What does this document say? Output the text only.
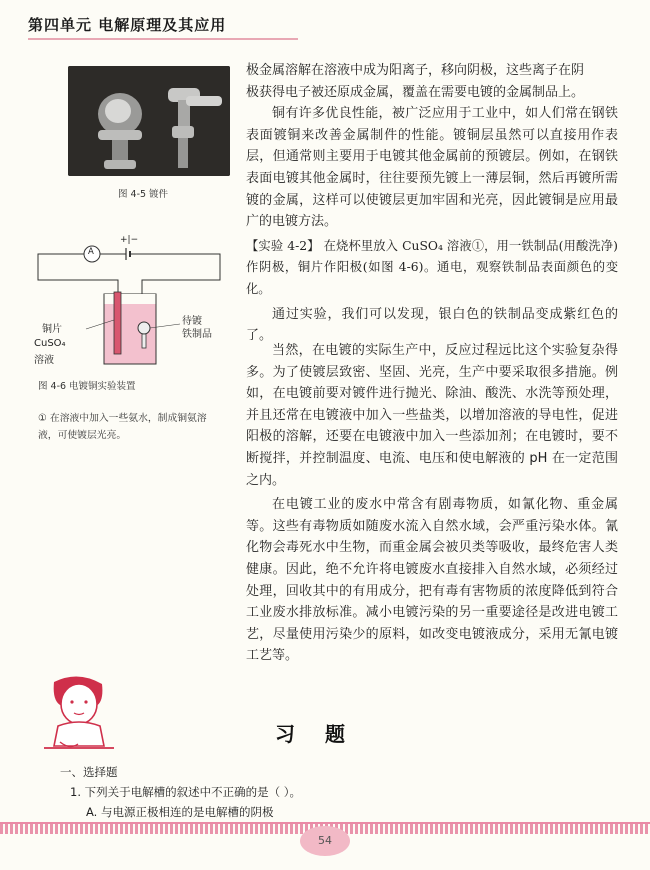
第四单元 电解原理及其应用
图 4-5 镀件
A
+|−
铜片
CuSO₄
溶液
待镀
铁制品
图 4-6 电镀铜实验装置
① 在溶液中加入一些氨水，制成铜氨溶液，可使镀层光亮。

极金属溶解在溶液中成为阳离子，移向阴极，这些离子在阴

极获得电子被还原成金属，覆盖在需要电镀的金属制品上。

铜有许多优良性能，被广泛应用于工业中，如人们常在钢铁表面镀铜来改善金属制件的性能。镀铜层虽然可以直接用作表层，但通常则主要用于电镀其他金属前的预镀层。例如，在钢铁表面电镀其他金属时，往往要预先镀上一薄层铜，然后再镀所需镀的金属，这样可以使镀层更加牢固和光亮，因此镀铜是应用最广的电镀方法。

【实验 4-2】 在烧杯里放入 CuSO₄ 溶液①，用一铁制品(用酸洗净)作阴极，铜片作阳极(如图 4-6)。通电，观察铁制品表面颜色的变化。

通过实验，我们可以发现，银白色的铁制品变成紫红色的了。

当然，在电镀的实际生产中，反应过程远比这个实验复杂得多。为了使镀层致密、坚固、光亮，生产中要采取很多措施。例如，在电镀前要对镀件进行抛光、除油、酸洗、水洗等预处理，并且还常在电镀液中加入一些盐类，以增加溶液的导电性，促进阳极的溶解，还要在电镀液中加入一些添加剂；在电镀时，要不断搅拌，并控制温度、电流、电压和使电解液的 pH 在一定范围之内。

在电镀工业的废水中常含有剧毒物质，如氰化物、重金属等。这些有毒物质如随废水流入自然水域，会严重污染水体。氰化物会毒死水中生物，而重金属会被贝类等吸收，最终危害人类健康。因此，绝不允许将电镀废水直接排入自然水域，必须经过处理，回收其中的有用成分，把有毒有害物质的浓度降低到符合工业废水排放标准。减小电镀污染的另一重要途径是改进电镀工艺，尽量使用污染少的原料，如改变电镀液成分，采用无氰电镀工艺等。

习题
一、选择题
1. 下列关于电解槽的叙述中不正确的是（ ）。
A. 与电源正极相连的是电解槽的阴极
54
